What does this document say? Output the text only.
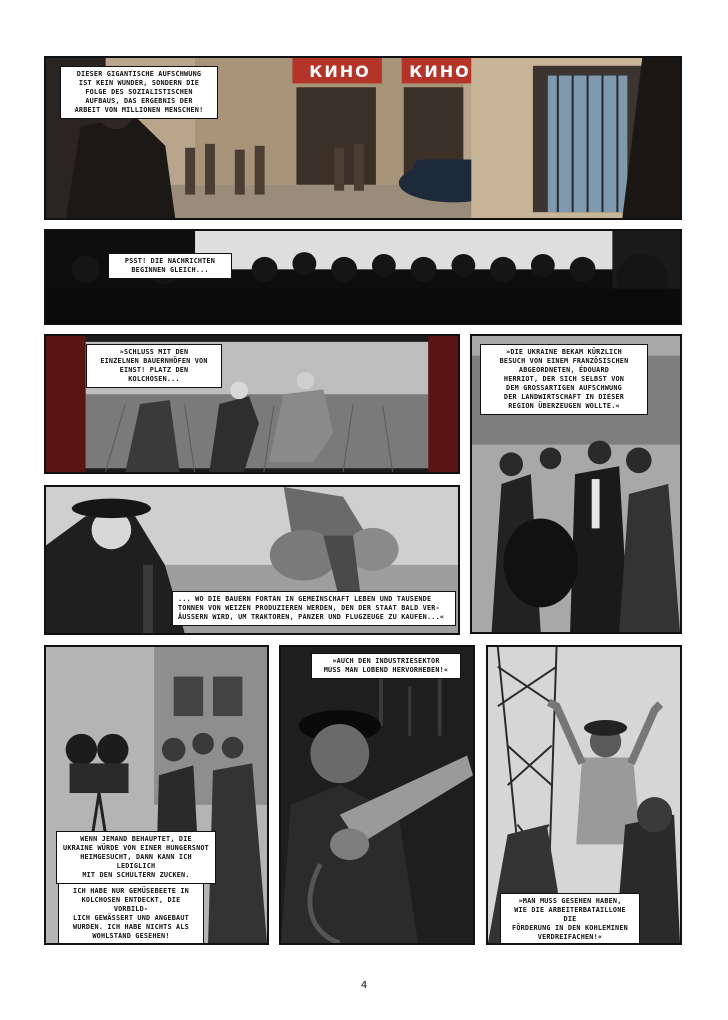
КИНО	КИНО
DIESER GIGANTISCHE AUFSCHWUNG
IST KEIN WUNDER, SONDERN DIE
FOLGE DES SOZIALISTISCHEN
AUFBAUS, DAS ERGEBNIS DER
ARBEIT VON MILLIONEN MENSCHEN!
PSST! DIE NACHRICHTEN
BEGINNEN GLEICH...
»SCHLUSS MIT DEN
EINZELNEN BAUERNHÖFEN VON
EINST! PLATZ DEN KOLCHOSEN...
»DIE UKRAINE BEKAM KÜRZLICH
BESUCH VON EINEM FRANZÖSISCHEN
ABGEORDNETEN, ÉDOUARD
HERRIOT, DER SICH SELBST VON
DEM GROSSARTIGEN AUFSCHWUNG
DER LANDWIRTSCHAFT IN DIESER
REGION ÜBERZEUGEN WOLLTE.«
... WO DIE BAUERN FORTAN IN GEMEINSCHAFT LEBEN UND TAUSENDE
TONNEN VON WEIZEN PRODUZIEREN WERDEN, DEN DER STAAT BALD VER-
ÄUSSERN WIRD, UM TRAKTOREN, PANZER UND FLUGZEUGE ZU KAUFEN...«
WENN JEMAND BEHAUPTET, DIE
UKRAINE WÜRDE VON EINER HUNGERSNOT
HEIMGESUCHT, DANN KANN ICH LEDIGLICH
MIT DEN SCHULTERN ZUCKEN.
ICH HABE NUR GEMÜSEBEETE IN
KOLCHOSEN ENTDECKT, DIE VORBILD-
LICH GEWÄSSERT UND ANGEBAUT
WURDEN. ICH HABE NICHTS ALS
WOHLSTAND GESEHEN!
»AUCH DEN INDUSTRIESEKTOR
MUSS MAN LOBEND HERVORHEBEN!«
»MAN MUSS GESEHEN HABEN,
WIE DIE ARBEITERBATAILLONE DIE
FÖRDERUNG IN DEN KOHLEMINEN
VERDREIFACHEN!«
4
